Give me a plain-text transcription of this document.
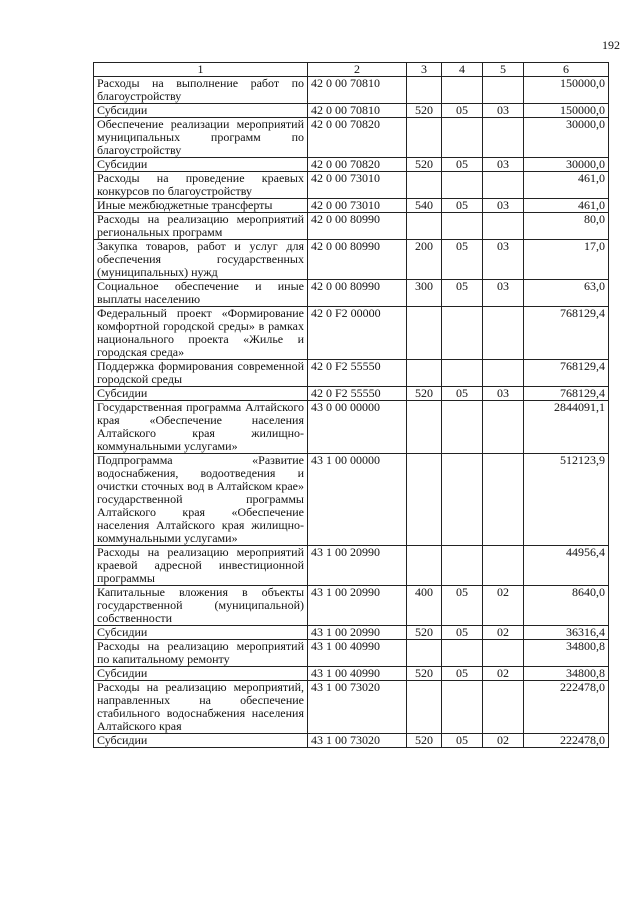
192
1	2	3	4	5	6
Расходы на выполнение работ по благоустройству	42 0 00 70810				150000,0
Субсидии	42 0 00 70810	520	05	03	150000,0
Обеспечение реализации мероприятий муниципальных программ по благоустройству	42 0 00 70820				30000,0
Субсидии	42 0 00 70820	520	05	03	30000,0
Расходы на проведение краевых конкурсов по благоустройству	42 0 00 73010				461,0
Иные межбюджетные трансферты	42 0 00 73010	540	05	03	461,0
Расходы на реализацию мероприятий региональных программ	42 0 00 80990				80,0
Закупка товаров, работ и услуг для обеспечения государственных (муниципальных) нужд	42 0 00 80990	200	05	03	17,0
Социальное обеспечение и иные выплаты населению	42 0 00 80990	300	05	03	63,0
Федеральный проект «Формирование комфортной городской среды» в рамках национального проекта «Жилье и городская среда»	42 0 F2 00000				768129,4
Поддержка формирования современной городской среды	42 0 F2 55550				768129,4
Субсидии	42 0 F2 55550	520	05	03	768129,4
Государственная программа Алтайского края «Обеспечение населения Алтайского края жилищно-коммунальными услугами»	43 0 00 00000				2844091,1
Подпрограмма «Развитие водоснабжения, водоотведения и очистки сточных вод в Алтайском крае» государственной программы Алтайского края «Обеспечение населения Алтайского края жилищно-коммунальными услугами»	43 1 00 00000				512123,9
Расходы на реализацию мероприятий краевой адресной инвестиционной программы	43 1 00 20990				44956,4
Капитальные вложения в объекты государственной (муниципальной) собственности	43 1 00 20990	400	05	02	8640,0
Субсидии	43 1 00 20990	520	05	02	36316,4
Расходы на реализацию мероприятий по капитальному ремонту	43 1 00 40990				34800,8
Субсидии	43 1 00 40990	520	05	02	34800,8
Расходы на реализацию мероприятий, направленных на обеспечение стабильного водоснабжения населения Алтайского края	43 1 00 73020				222478,0
Субсидии	43 1 00 73020	520	05	02	222478,0
